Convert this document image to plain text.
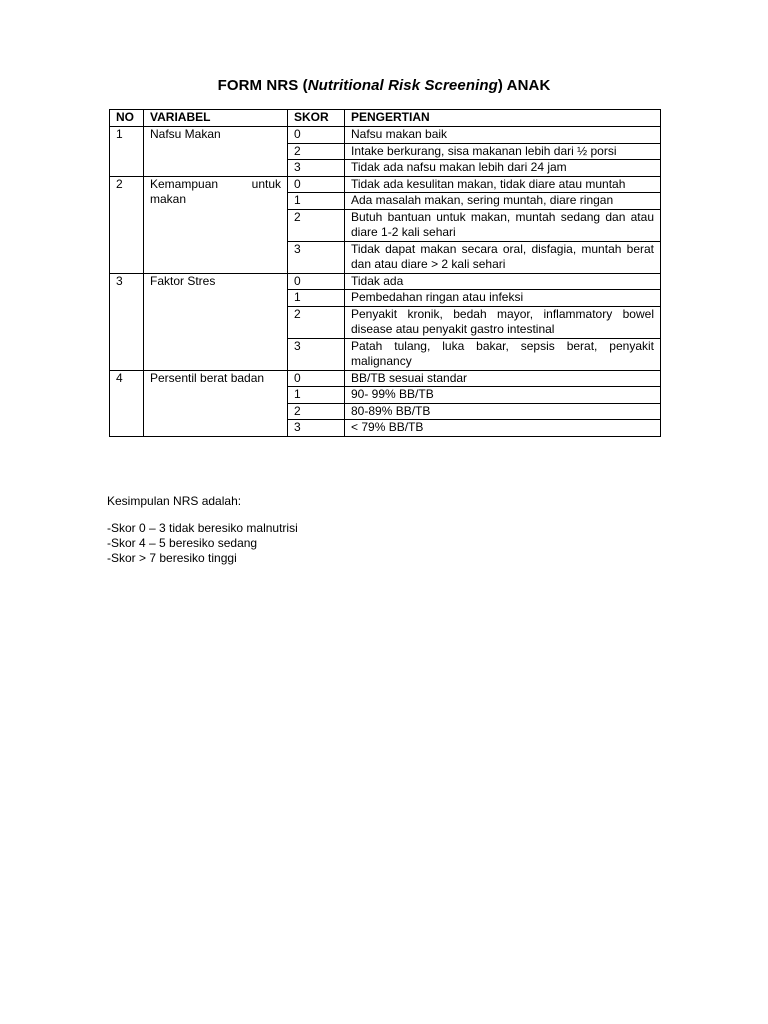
FORM NRS (Nutritional Risk Screening) ANAK
NO	VARIABEL	SKOR	PENGERTIAN
1	Nafsu Makan	0	Nafsu makan baik
		2	Intake berkurang, sisa makanan lebih dari ½ porsi
		3	Tidak ada nafsu makan lebih dari 24 jam
2	Kemampuan untuk makan	0	Tidak ada kesulitan makan, tidak diare atau muntah
		1	Ada masalah makan, sering muntah, diare ringan
		2	Butuh bantuan untuk makan, muntah sedang dan atau diare 1-2 kali sehari
		3	Tidak dapat makan secara oral, disfagia, muntah berat dan atau diare > 2 kali sehari
3	Faktor Stres	0	Tidak ada
		1	Pembedahan ringan atau infeksi
		2	Penyakit kronik, bedah mayor, inflammatory bowel disease atau penyakit gastro intestinal
		3	Patah tulang, luka bakar, sepsis berat, penyakit malignancy
4	Persentil berat badan	0	BB/TB sesuai standar
		1	90- 99% BB/TB
		2	80-89% BB/TB
		3	< 79% BB/TB
Kesimpulan NRS adalah:
-Skor 0 – 3 tidak beresiko malnutrisi
-Skor 4 – 5 beresiko sedang
-Skor > 7 beresiko tinggi
